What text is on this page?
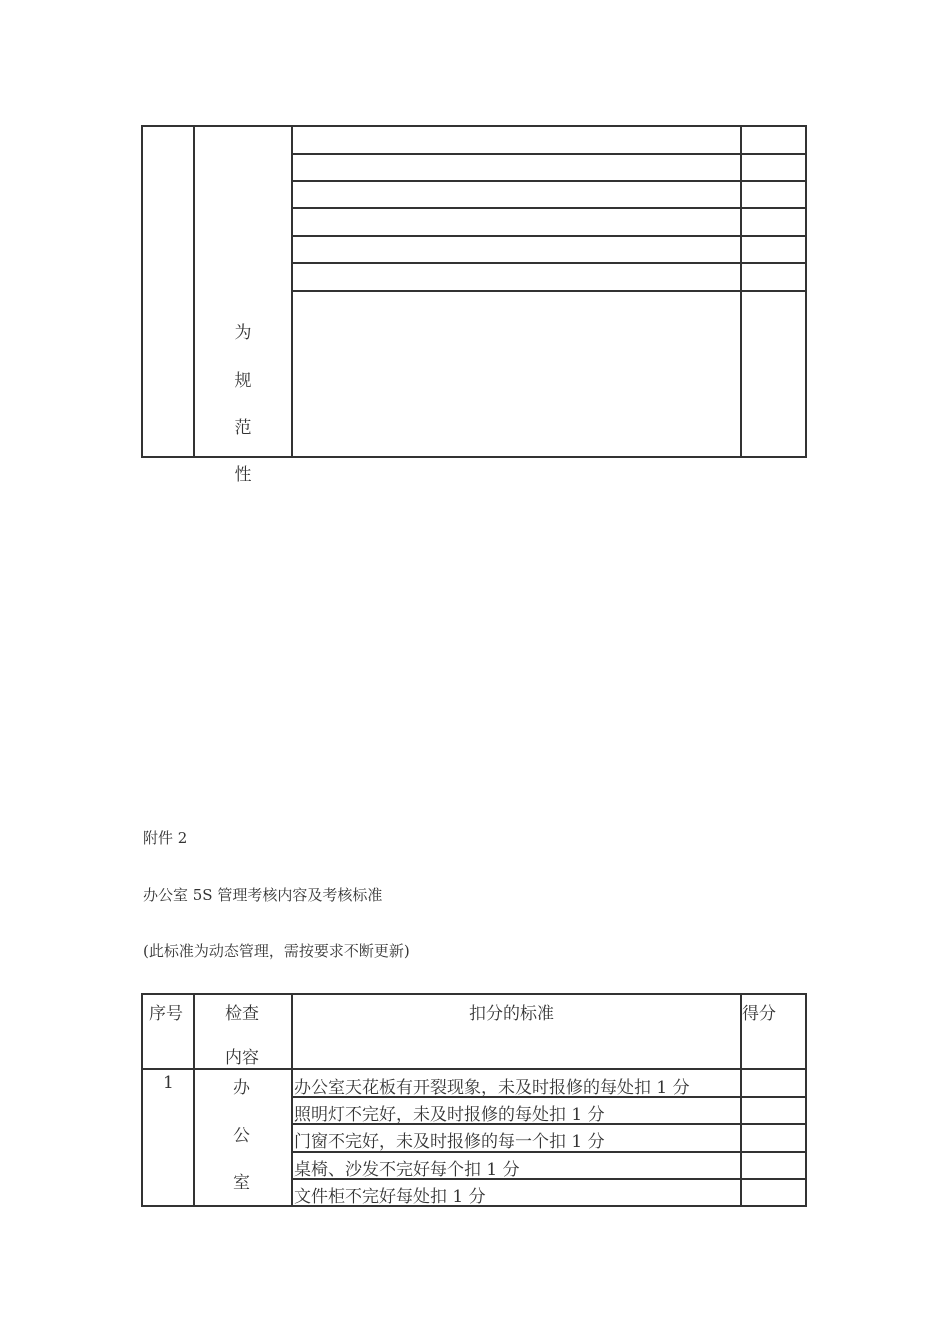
为
规
范
性
附件 2
办公室 5S 管理考核内容及考核标准
(此标准为动态管理，需按要求不断更新)
序号 检查
内容
扣分的标准	得分
1	办
公
室
办公室天花板有开裂现象，未及时报修的每处扣 1 分
照明灯不完好，未及时报修的每处扣 1 分
门窗不完好，未及时报修的每一个扣 1 分
桌椅、沙发不完好每个扣 1 分
文件柜不完好每处扣 1 分
